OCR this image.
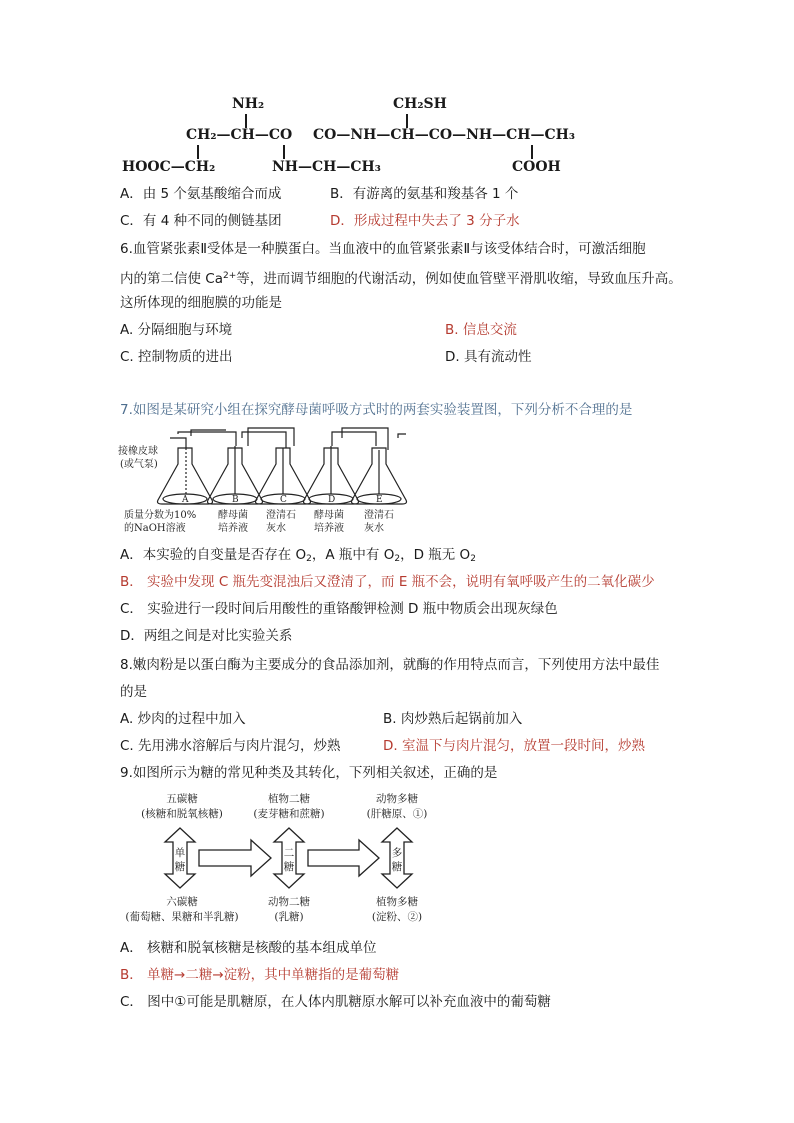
NH₂	CH₂SH
CH₂—CH—CO CO—NH—CH—CO—NH—CH—CH₃
HOOC—CH₂	NH—CH—CH₃	COOH
A．由 5 个氨基酸缩合而成	B．有游离的氨基和羧基各 1 个
C．有 4 种不同的侧链基团	D．形成过程中失去了 3 分子水
6.血管紧张素Ⅱ受体是一种膜蛋白。当血液中的血管紧张素Ⅱ与该受体结合时，可激活细胞
内的第二信使 $Ca^{2+}$等，进而调节细胞的代谢活动，例如使血管壁平滑肌收缩，导致血压升高。
这所体现的细胞膜的功能是
A. 分隔细胞与环境	B. 信息交流
C. 控制物质的进出	D. 具有流动性
7.如图是某研究小组在探究酵母菌呼吸方式时的两套实验装置图，下列分析不合理的是
接橡皮球
(或气泵)
A	B	C	D	E
质量分数为10%
的NaOH溶液
酵母菌
培养液
澄清石
灰水
酵母菌
培养液
澄清石
灰水
A．本实验的自变量是否存在 $O_2$，A 瓶中有 $O_2$，D 瓶无 $O_2$
B． 实验中发现 C 瓶先变混浊后又澄清了，而 E 瓶不会，说明有氧呼吸产生的二氧化碳少
C． 实验进行一段时间后用酸性的重铬酸钾检测 D 瓶中物质会出现灰绿色
D．两组之间是对比实验关系
8.嫩肉粉是以蛋白酶为主要成分的食品添加剂，就酶的作用特点而言，下列使用方法中最佳
的是
A. 炒肉的过程中加入	B. 肉炒熟后起锅前加入
C. 先用沸水溶解后与肉片混匀，炒熟	D. 室温下与肉片混匀，放置一段时间，炒熟
9.如图所示为糖的常见种类及其转化，下列相关叙述，正确的是
五碳糖
(核糖和脱氧核糖)
植物二糖
(麦芽糖和蔗糖)
动物多糖
(肝糖原、①)
单
糖
二
糖
多
糖
六碳糖
(葡萄糖、果糖和半乳糖)
动物二糖
(乳糖)
植物多糖
(淀粉、②)
A． 核糖和脱氧核糖是核酸的基本组成单位
B． 单糖→二糖→淀粉，其中单糖指的是葡萄糖
C． 图中①可能是肌糖原，在人体内肌糖原水解可以补充血液中的葡萄糖
